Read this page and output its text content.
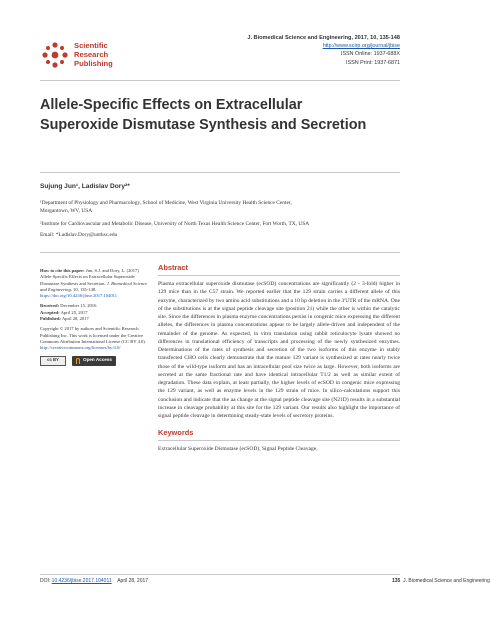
Scientific
Research
Publishing
J. Biomedical Science and Engineering, 2017, 10, 135-148
http://www.scirp.org/journal/jbise
ISSN Online: 1937-688X
ISSN Print: 1937-6871
Allele-Specific Effects on Extracellular Superoxide Dismutase Synthesis and Secretion
Sujung Jun¹, Ladislav Dory²*
¹Department of Physiology and Pharmacology, School of Medicine, West Virginia University Health Science Center,
Morgantown, WV, USA
²Institute for Cardiovascular and Metabolic Disease, University of North Texas Health Science Center, Fort Worth, TX, USA
Email: *Ladislav.Dory@unthsc.edu

How to cite this paper: Jun, S.J. and Dory, L. (2017) Allele-Specific Effects on Extracellular Superoxide Dismutase Synthesis and Secretion. J. Biomedical Science and Engineering, 10, 135-148. https://doi.org/10.4236/jbise.2017.104011

Received: December 15, 2016
Accepted: April 25, 2017
Published: April 28, 2017

Copyright © 2017 by authors and Scientific Research Publishing Inc. This work is licensed under the Creative Commons Attribution International License (CC BY 4.0).
http://creativecommons.org/licenses/by/4.0/

cc BY	Open Access
Abstract

Plasma extracellular superoxide dismutase (ecSOD) concentrations are significantly (2 - 3-fold) higher in 129 mice than in the C57 strain. We reported earlier that the 129 strain carries a different allele of this enzyme, characterized by two amino acid substitutions and a 10 bp deletion in the 3'UTR of the mRNA. One of the substitutions is at the signal peptide cleavage site (position 21) while the other is within the catalytic site. Since the differences in plasma enzyme concentrations persist in congenic mice expressing the different alleles, the differences in plasma concentrations appear to be largely allele-driven and independent of the remainder of the genome. As expected, in vitro translation using rabbit reticulocyte lysate showed no differences in translational efficiency of transcripts and processing of the newly synthesized enzymes. Determinations of the rates of synthesis and secretion of the two isoforms of this enzyme in stably transfected CHO cells clearly demonstrate that the mature 129 variant is synthesized at rates nearly twice those of the wild-type isoform and has an intracellular pool size twice as large. However, both isoforms are secreted at the same fractional rate and have identical intracellular T1/2 as well as similar extent of degradation. These data explain, at least partially, the higher levels of ecSOD in congenic mice expressing the 129 variant, as well as enzyme levels in the 129 strain of mice. In silico-calculations support this conclusion and indicate that the aa change at the signal peptide cleavage site (N21D) results in a substantial increase in cleavage probability at this site for the 129 variant. Our results also highlight the importance of signal peptide cleavage in determining steady-state levels of secretory proteins.

Keywords

Extracellular Superoxide Dismutase (ecSOD), Signal Peptide Cleavage,

DOI: 10.4236/jbise.2017.104011 April 28, 2017	135 J. Biomedical Science and Engineering
